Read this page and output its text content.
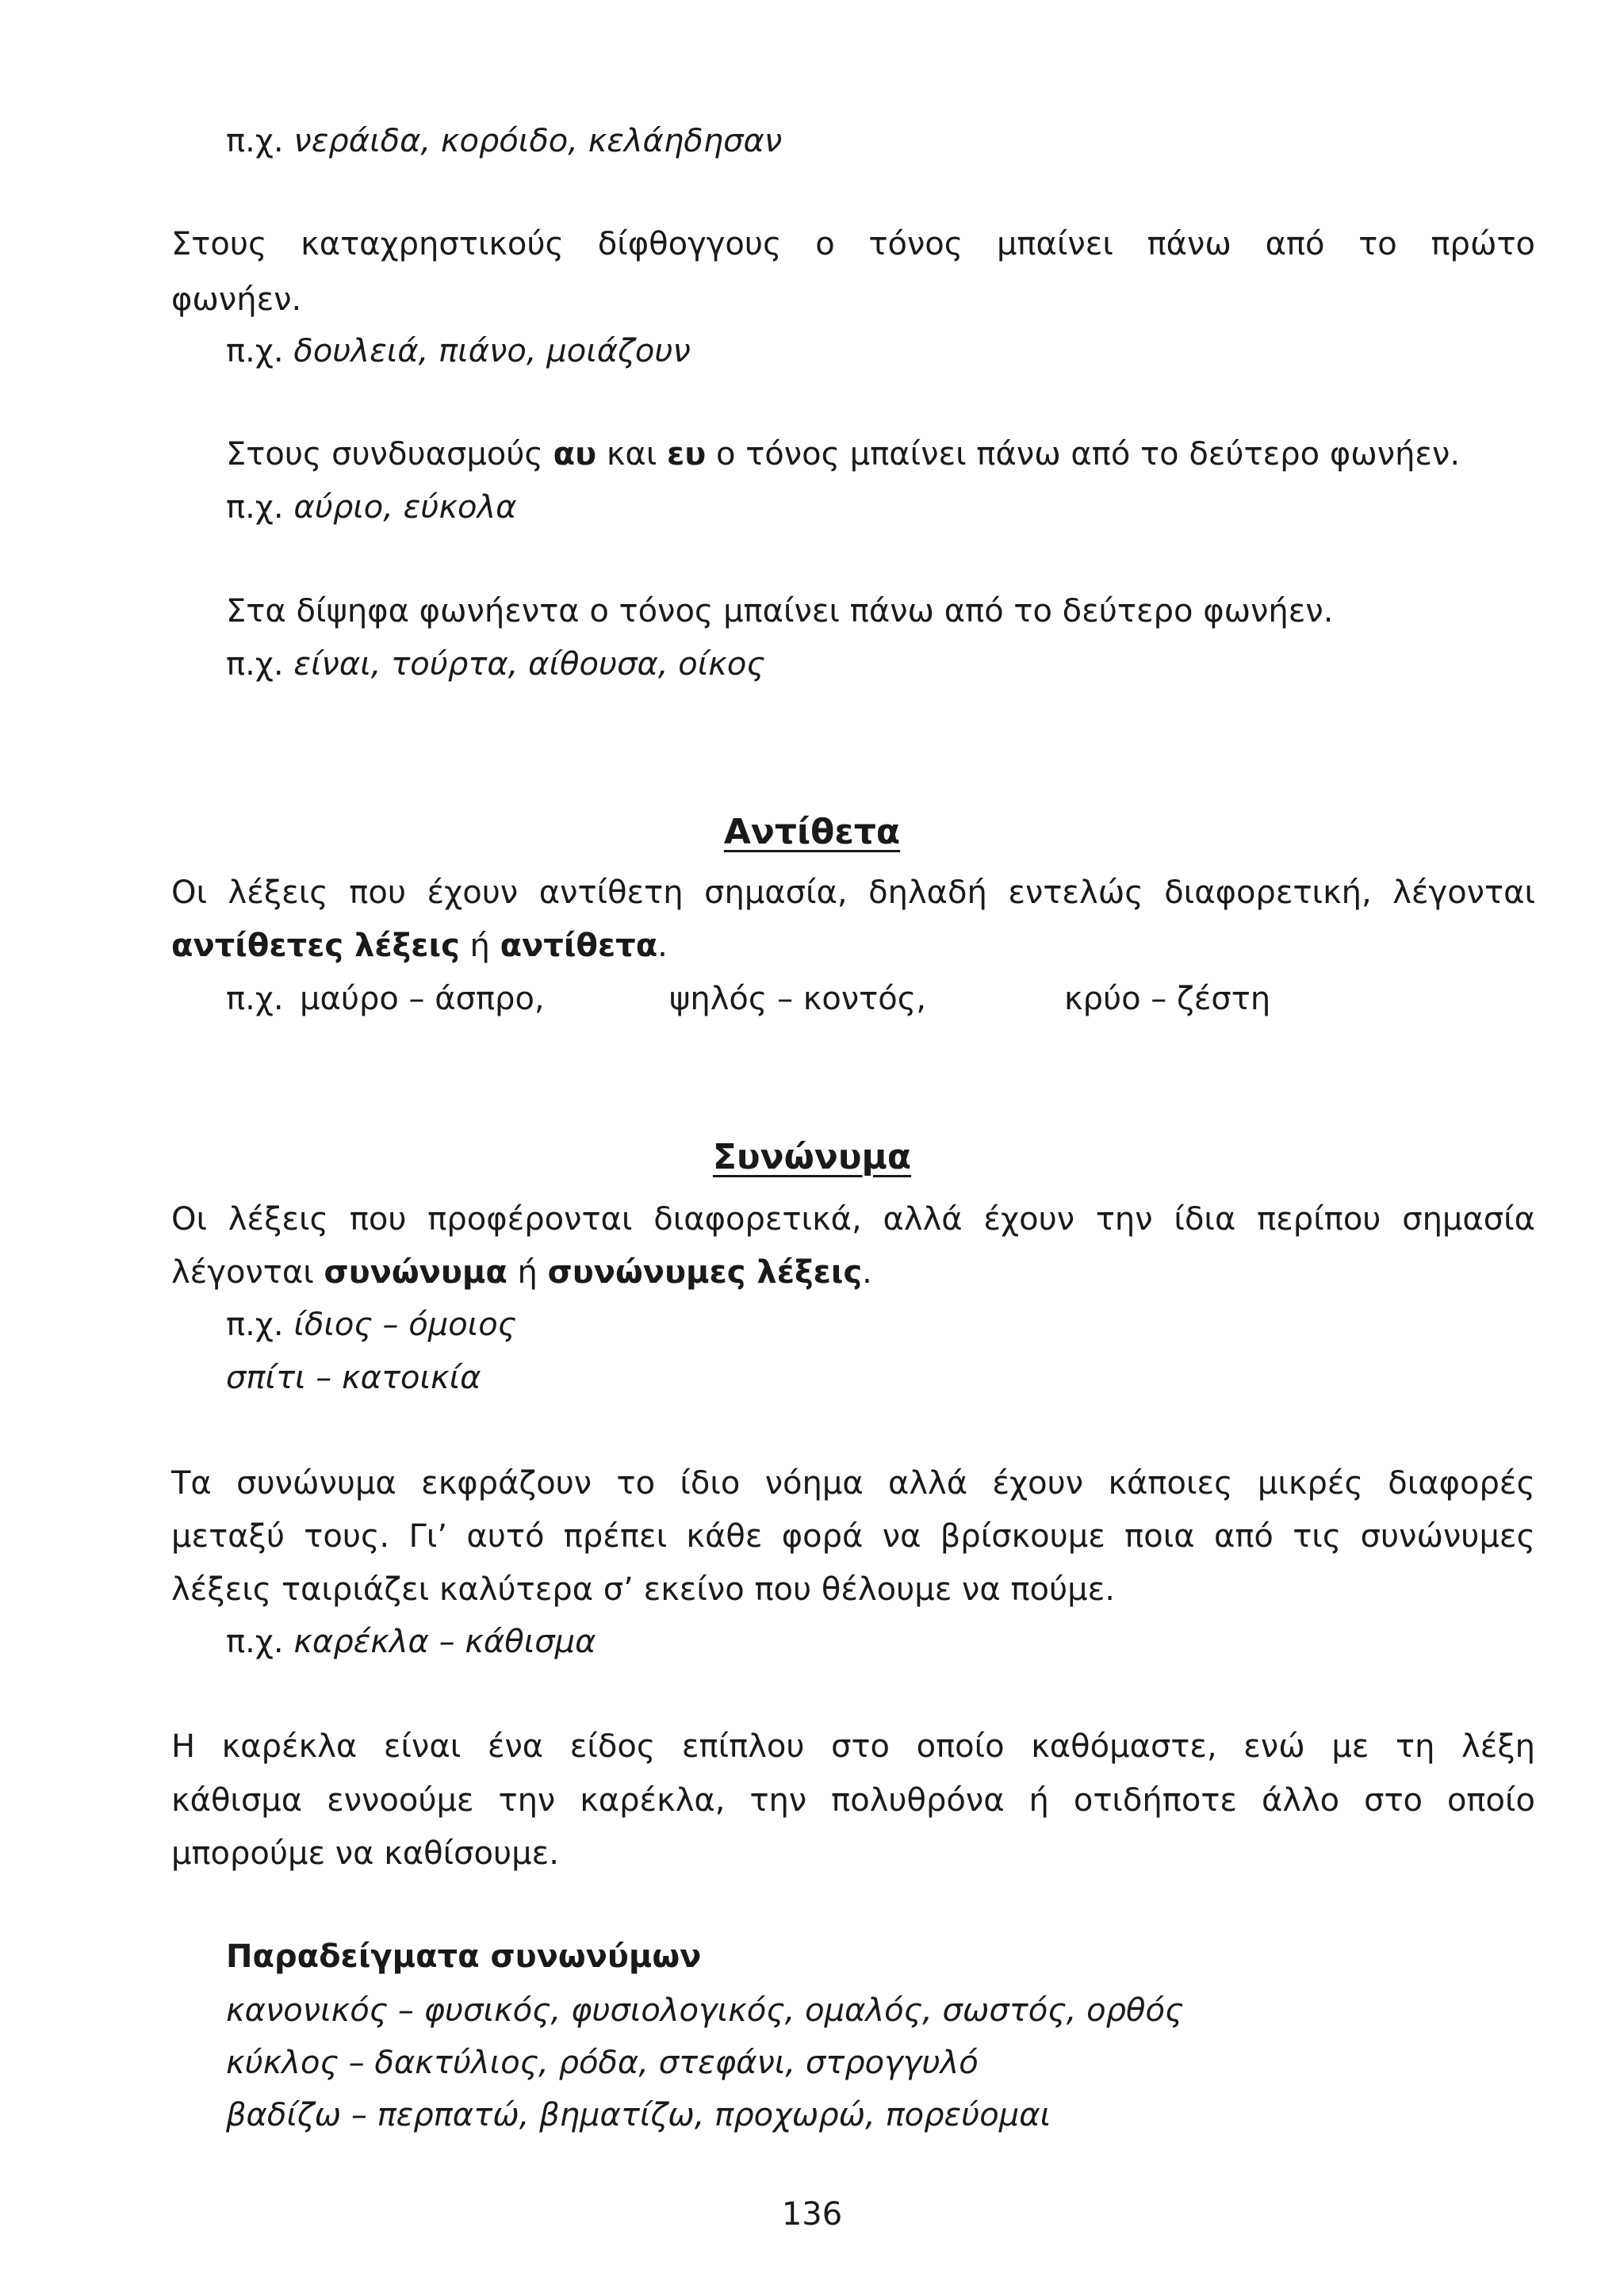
π.χ. νεράιδα, κορόιδο, κελάηδησαν

Στους καταχρηστικούς δίφθογγους ο τόνος μπαίνει πάνω από το πρώτο

φωνήεν.

π.χ. δουλειά, πιάνο, μοιάζουν

Στους συνδυασμούς αυ και ευ ο τόνος μπαίνει πάνω από το δεύτερο φωνήεν.

π.χ. αύριο, εύκολα

Στα δίψηφα φωνήεντα ο τόνος μπαίνει πάνω από το δεύτερο φωνήεν.

π.χ. είναι, τούρτα, αίθουσα, οίκος

Αντίθετα

Οι λέξεις που έχουν αντίθετη σημασία, δηλαδή εντελώς διαφορετική, λέγονται

αντίθετες λέξεις ή αντίθετα.

π.χ. μαύρο – άσπρο,	ψηλός – κοντός,	κρύο – ζέστη

Συνώνυμα

Οι λέξεις που προφέρονται διαφορετικά, αλλά έχουν την ίδια περίπου σημασία

λέγονται συνώνυμα ή συνώνυμες λέξεις.

π.χ. ίδιος – όμοιος

σπίτι – κατοικία

Τα συνώνυμα εκφράζουν το ίδιο νόημα αλλά έχουν κάποιες μικρές διαφορές

μεταξύ τους. Γι’ αυτό πρέπει κάθε φορά να βρίσκουμε ποια από τις συνώνυμες

λέξεις ταιριάζει καλύτερα σ’ εκείνο που θέλουμε να πούμε.

π.χ. καρέκλα – κάθισμα

Η καρέκλα είναι ένα είδος επίπλου στο οποίο καθόμαστε, ενώ με τη λέξη

κάθισμα εννοούμε την καρέκλα, την πολυθρόνα ή οτιδήποτε άλλο στο οποίο

μπορούμε να καθίσουμε.

Παραδείγματα συνωνύμων

κανονικός – φυσικός, φυσιολογικός, ομαλός, σωστός, ορθός

κύκλος – δακτύλιος, ρόδα, στεφάνι, στρογγυλό

βαδίζω – περπατώ, βηματίζω, προχωρώ, πορεύομαι

136
